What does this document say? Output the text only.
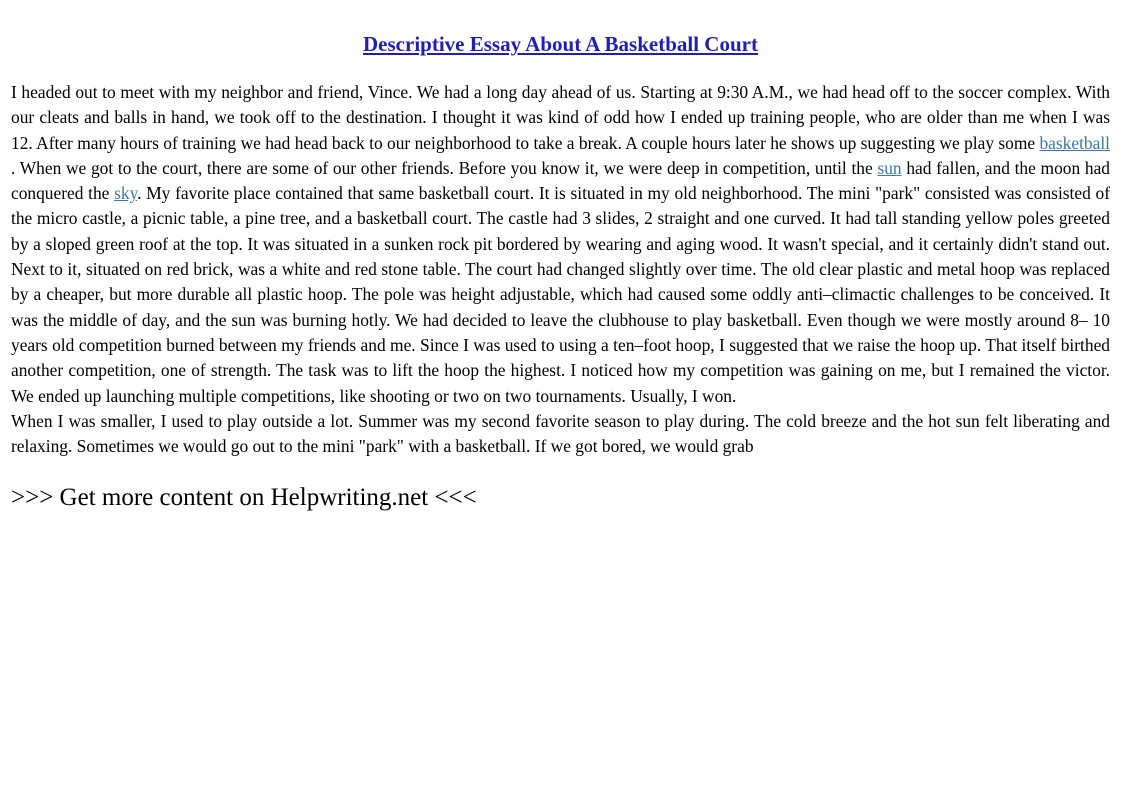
Descriptive Essay About A Basketball Court

I headed out to meet with my neighbor and friend, Vince. We had a long day ahead of us. Starting at 9:30 A.M., we had head off to the soccer complex. With our cleats and balls in hand, we took off to the destination. I thought it was kind of odd how I ended up training people, who are older than me when I was 12. After many hours of training we had head back to our neighborhood to take a break. A couple hours later he shows up suggesting we play some basketball . When we got to the court, there are some of our other friends. Before you know it, we were deep in competition, until the sun had fallen, and the moon had conquered the sky. My favorite place contained that same basketball court. It is situated in my old neighborhood. The mini "park" consisted was consisted of the micro castle, a picnic table, a pine tree, and a basketball court. The castle had 3 slides, 2 straight and one curved. It had tall standing yellow poles greeted by a sloped green roof at the top. It was situated in a sunken rock pit bordered by wearing and aging wood. It wasn't special, and it certainly didn't stand out. Next to it, situated on red brick, was a white and red stone table. The court had changed slightly over time. The old clear plastic and metal hoop was replaced by a cheaper, but more durable all plastic hoop. The pole was height adjustable, which had caused some oddly anti–climactic challenges to be conceived. It was the middle of day, and the sun was burning hotly. We had decided to leave the clubhouse to play basketball. Even though we were mostly around 8– 10 years old competition burned between my friends and me. Since I was used to using a ten–foot hoop, I suggested that we raise the hoop up. That itself birthed another competition, one of strength. The task was to lift the hoop the highest. I noticed how my competition was gaining on me, but I remained the victor. We ended up launching multiple competitions, like shooting or two on two tournaments. Usually, I won.

When I was smaller, I used to play outside a lot. Summer was my second favorite season to play during. The cold breeze and the hot sun felt liberating and relaxing. Sometimes we would go out to the mini "park" with a basketball. If we got bored, we would grab

>>> Get more content on Helpwriting.net <<<
